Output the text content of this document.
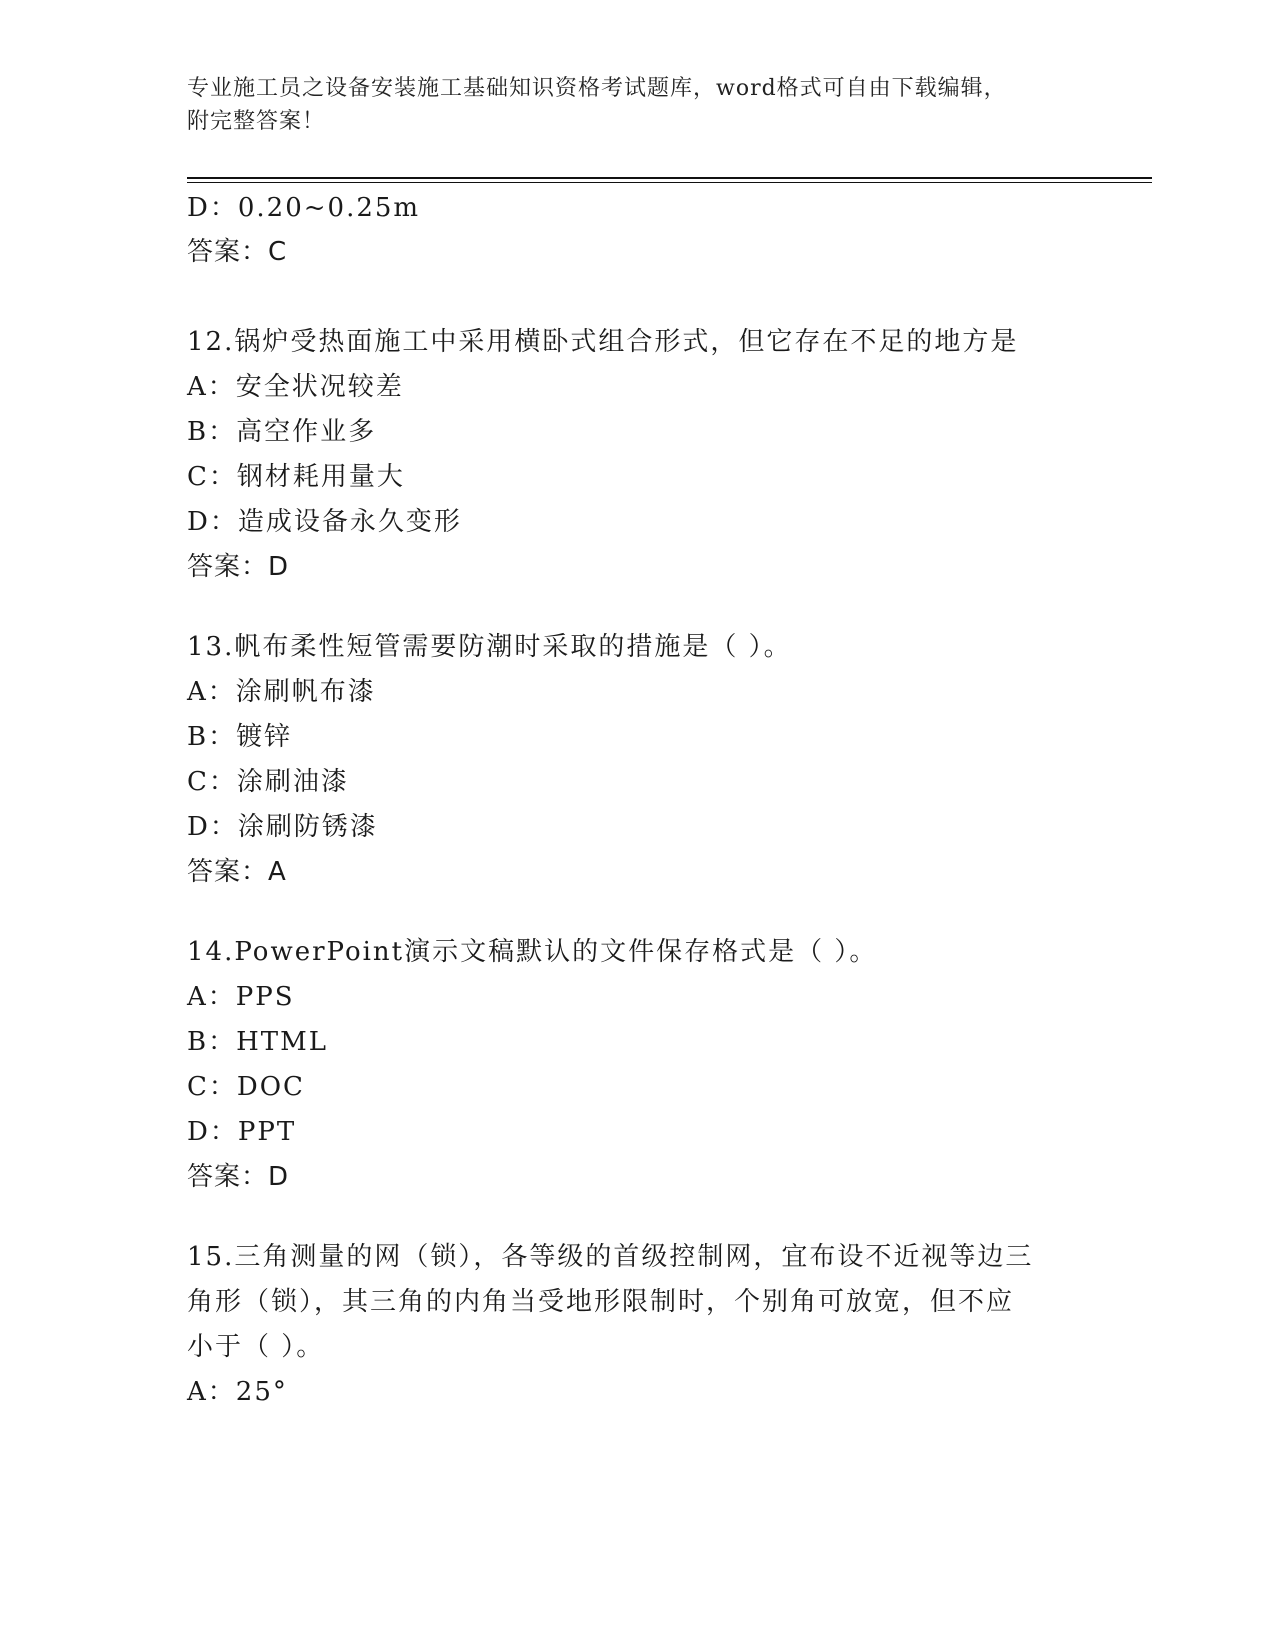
专业施工员之设备安装施工基础知识资格考试题库，word格式可自由下载编辑，
附完整答案！
D：0.20~0.25m
答案：C
12.锅炉受热面施工中采用横卧式组合形式，但它存在不足的地方是
A：安全状况较差
B：高空作业多
C：钢材耗用量大
D：造成设备永久变形
答案：D
13.帆布柔性短管需要防潮时采取的措施是（ ）。
A：涂刷帆布漆
B：镀锌
C：涂刷油漆
D：涂刷防锈漆
答案：A
14.PowerPoint演示文稿默认的文件保存格式是（ ）。
A：PPS
B：HTML
C：DOC
D：PPT
答案：D
15.三角测量的网（锁），各等级的首级控制网，宜布设不近视等边三
角形（锁），其三角的内角当受地形限制时，个别角可放宽，但不应
小于（ ）。
A：25°
